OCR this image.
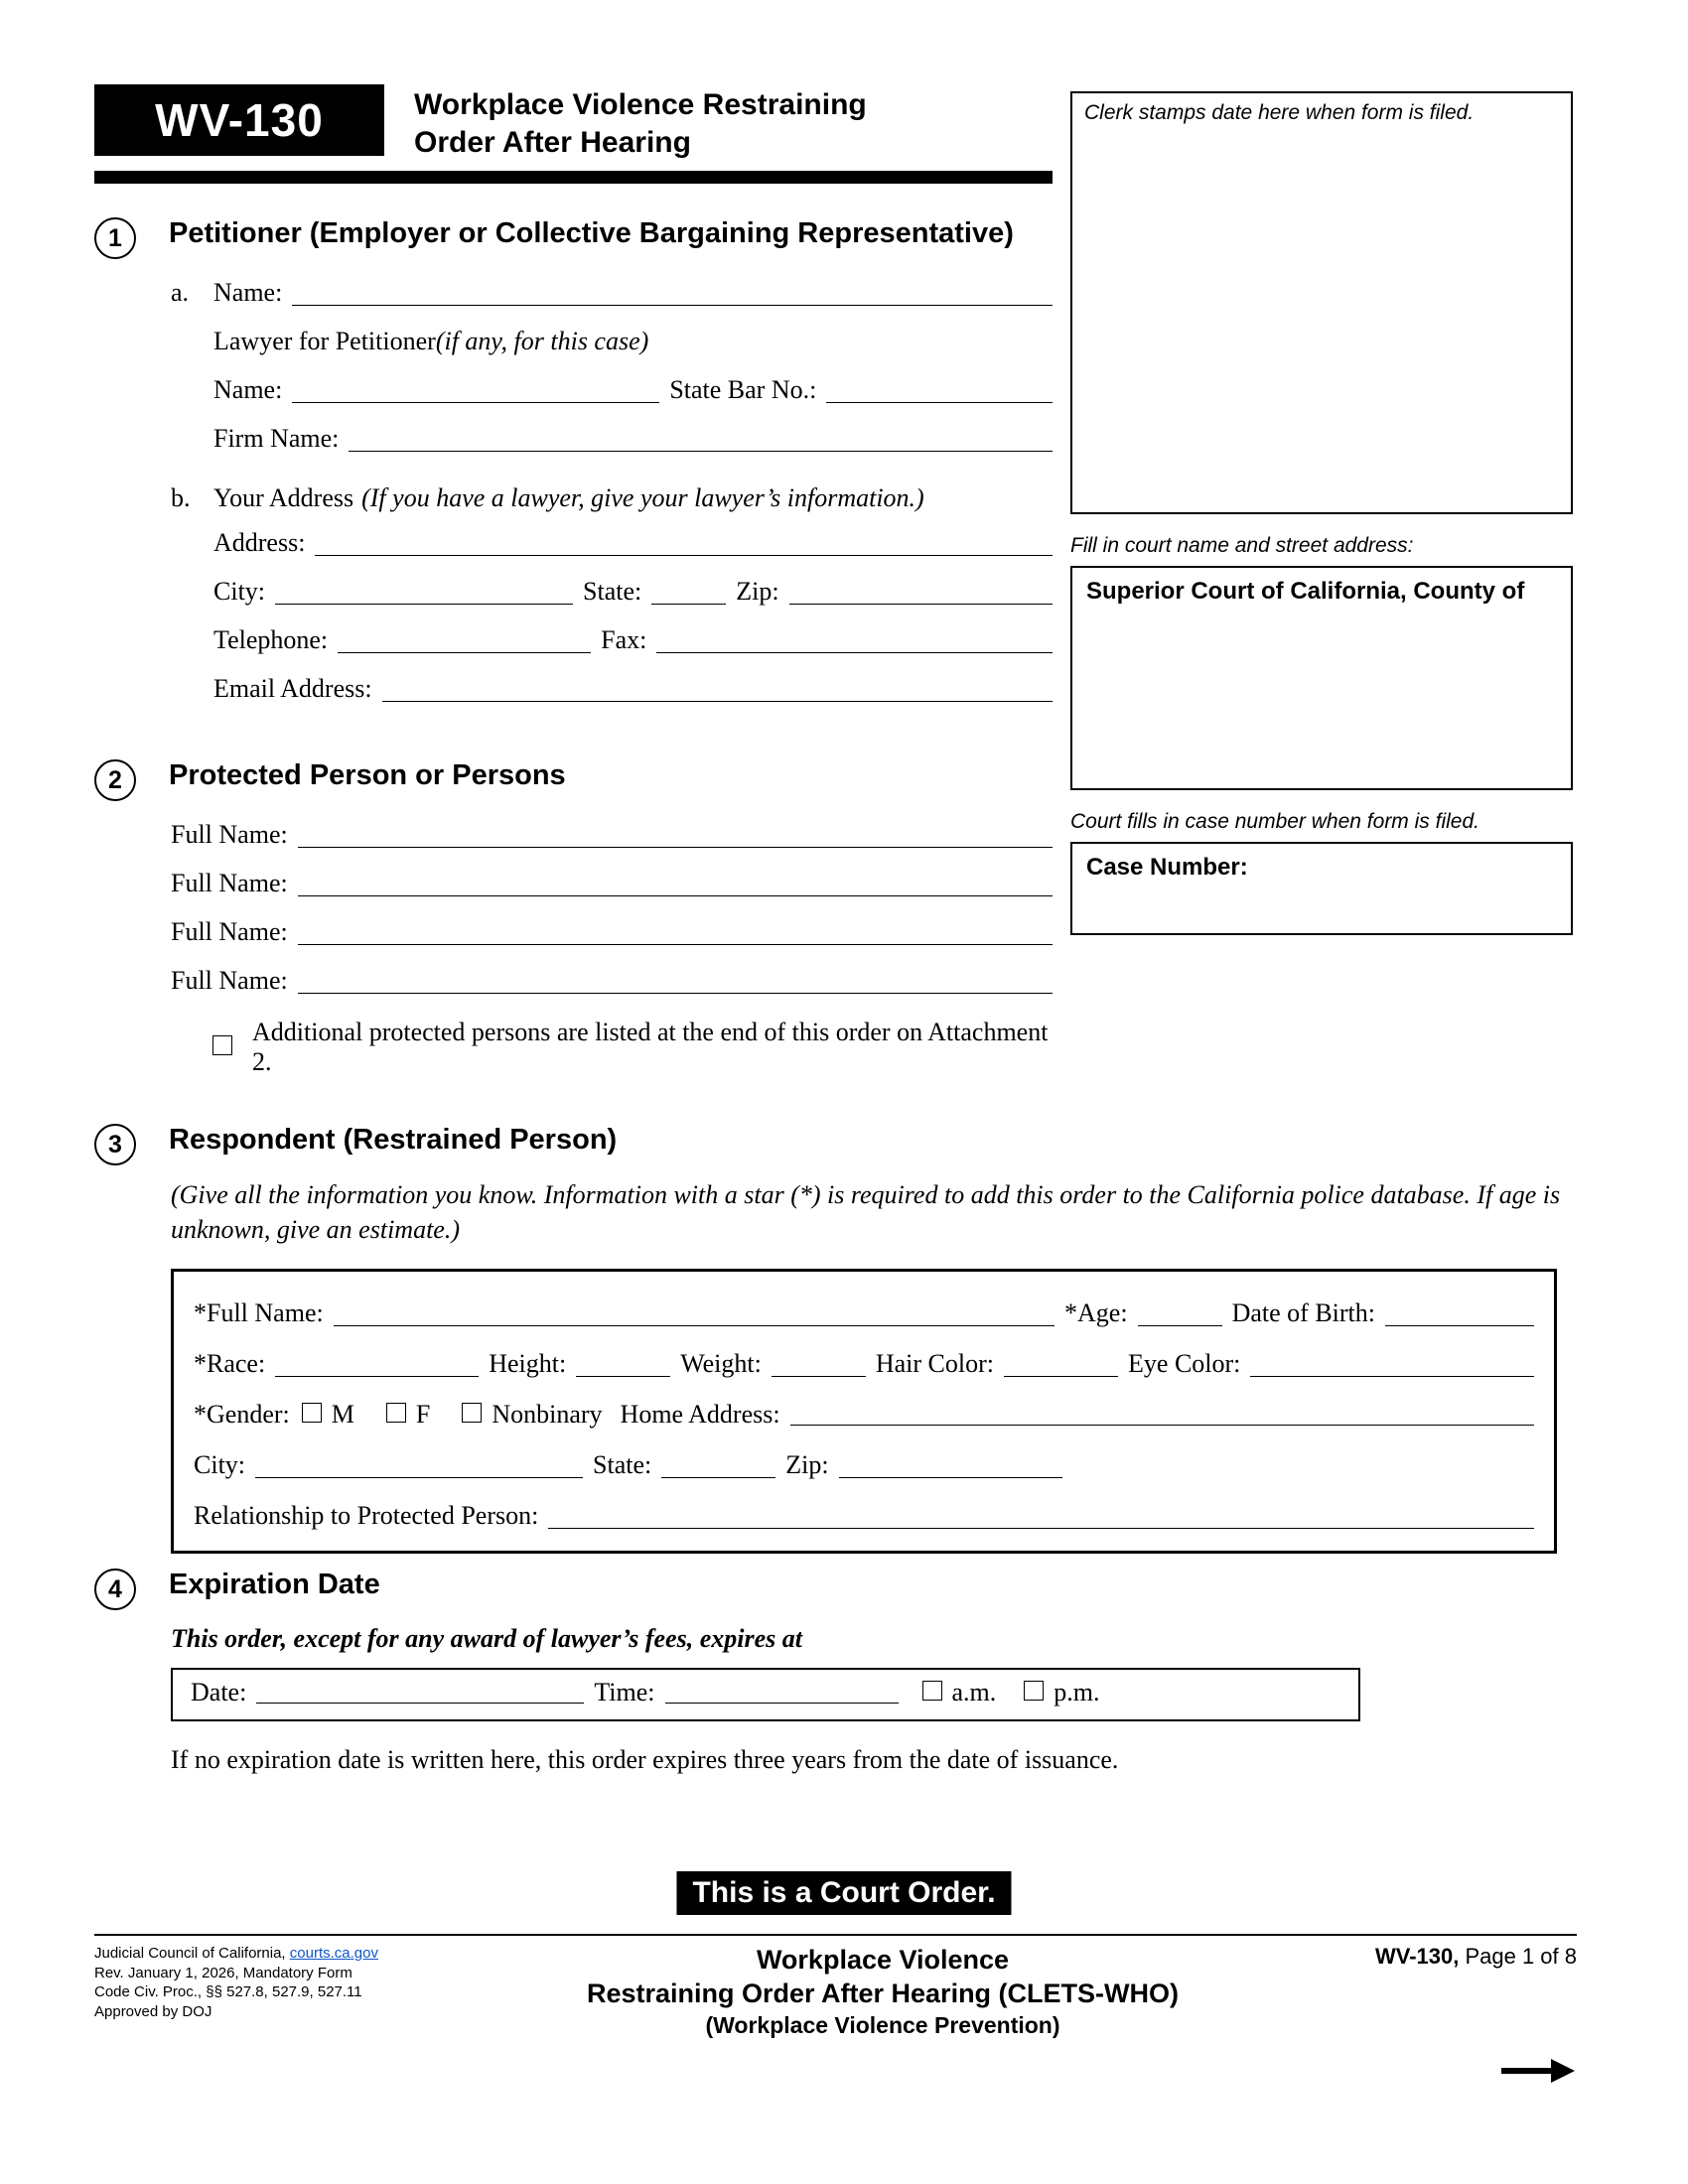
Clerk stamps date here when form is filed.
Fill in court name and street address:
Superior Court of California, County of
Court fills in case number when form is filed.
Case Number:
WV-130	Workplace Violence Restraining
Order After Hearing
1	Petitioner (Employer or Collective Bargaining Representative)
a. Name:
Lawyer for Petitioner (if any, for this case)
Name:	State Bar No.:
Firm Name:
b. Your Address (If you have a lawyer, give your lawyer’s information.)
Address:
City:	State:	Zip:
Telephone:	Fax:
Email Address:
2	Protected Person or Persons
Full Name:
Full Name:
Full Name:
Full Name:
Additional protected persons are listed at the end of this order on Attachment 2.
3	Respondent (Restrained Person)
(Give all the information you know. Information with a star (*) is required to add this order to the California police database. If age is unknown, give an estimate.)
*Full Name:	*Age:	Date of Birth:
*Race:	Height:	Weight:	Hair Color:	Eye Color:
*Gender: M F Nonbinary Home Address:
City:	State:	Zip:
Relationship to Protected Person:
4	Expiration Date
This order, except for any award of lawyer’s fees, expires at
Date:	Time:	a.m. p.m.
If no expiration date is written here, this order expires three years from the date of issuance.
This is a Court Order.
Judicial Council of California, courts.ca.gov
Rev. January 1, 2026, Mandatory Form
Code Civ. Proc., §§ 527.8, 527.9, 527.11
Approved by DOJ
Workplace Violence
Restraining Order After Hearing (CLETS-WHO)
(Workplace Violence Prevention)
WV-130, Page 1 of 8
